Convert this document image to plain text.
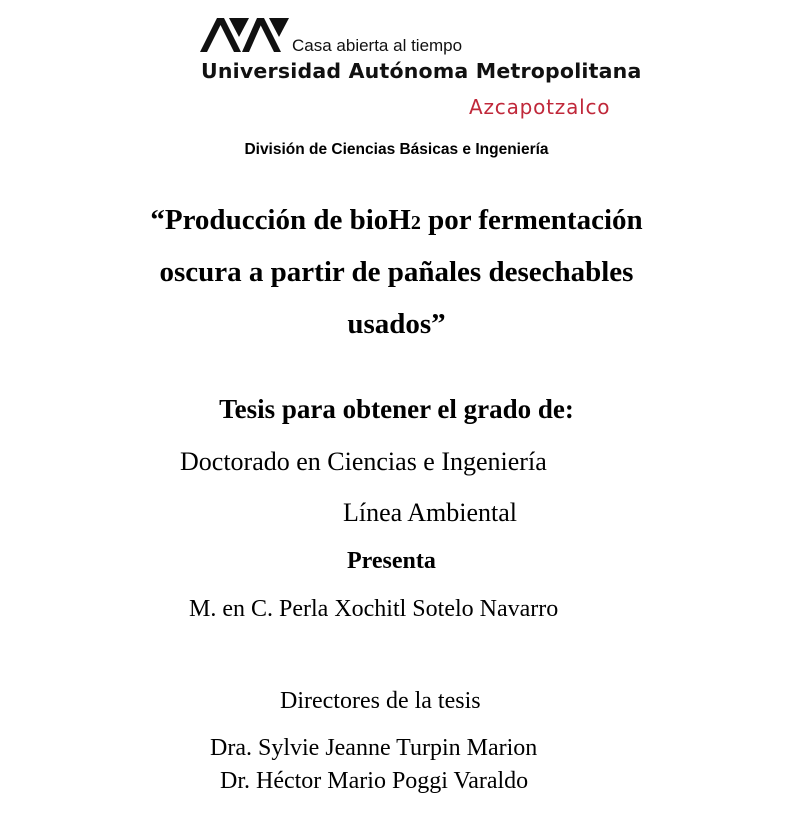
Casa abierta al tiempo
Universidad Autónoma Metropolitana
Azcapotzalco
División de Ciencias Básicas e Ingeniería
“Producción de bioH2 por fermentación
oscura a partir de pañales desechables
usados”
Tesis para obtener el grado de:
Doctorado en Ciencias e Ingeniería
Línea Ambiental
Presenta
M. en C. Perla Xochitl Sotelo Navarro
Directores de la tesis
Dra. Sylvie Jeanne Turpin Marion
Dr. Héctor Mario Poggi Varaldo
